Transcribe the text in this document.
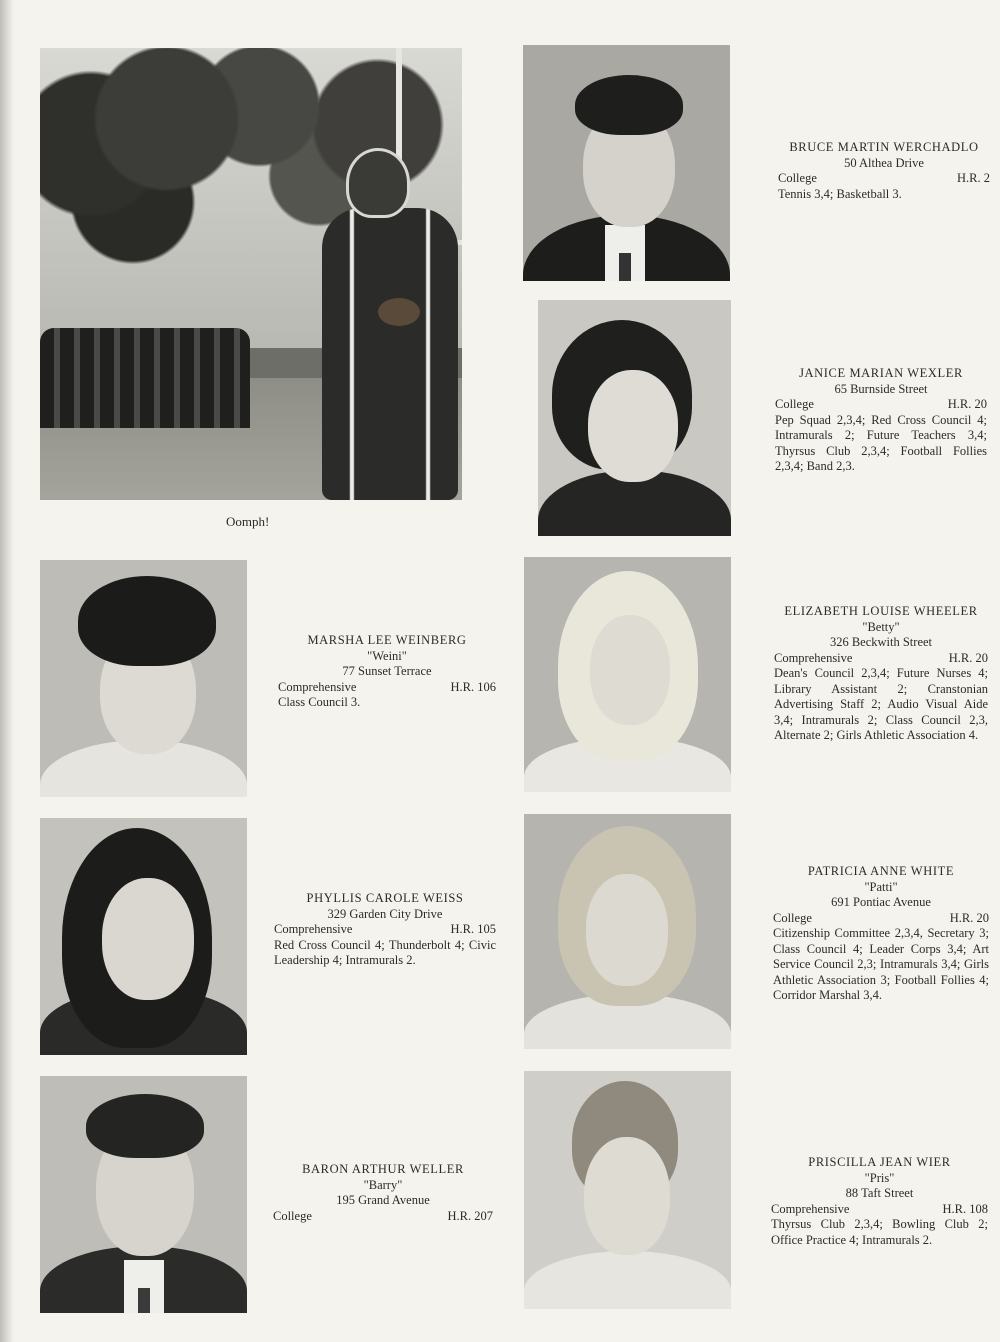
Oomph!
BRUCE MARTIN WERCHADLO
50 Althea Drive
College	H.R. 2
Tennis 3,4; Basketball 3.
JANICE MARIAN WEXLER
65 Burnside Street
College	H.R. 20
Pep Squad 2,3,4; Red Cross Council 4; Intramurals 2; Future Teachers 3,4; Thyrsus Club 2,3,4; Football Follies 2,3,4; Band 2,3.
MARSHA LEE WEINBERG
"Weini"
77 Sunset Terrace
Comprehensive	H.R. 106
Class Council 3.
ELIZABETH LOUISE WHEELER
"Betty"
326 Beckwith Street
Comprehensive	H.R. 20
Dean's Council 2,3,4; Future Nurses 4; Library Assistant 2; Cranstonian Advertising Staff 2; Audio Visual Aide 3,4; Intramurals 2; Class Council 2,3, Alternate 2; Girls Athletic Association 4.
PHYLLIS CAROLE WEISS
329 Garden City Drive
Comprehensive	H.R. 105
Red Cross Council 4; Thunderbolt 4; Civic Leadership 4; Intramurals 2.
PATRICIA ANNE WHITE
"Patti"
691 Pontiac Avenue
College	H.R. 20
Citizenship Committee 2,3,4, Secretary 3; Class Council 4; Leader Corps 3,4; Art Service Council 2,3; Intramurals 3,4; Girls Athletic Association 3; Football Follies 4; Corridor Marshal 3,4.
BARON ARTHUR WELLER
"Barry"
195 Grand Avenue
College	H.R. 207
PRISCILLA JEAN WIER
"Pris"
88 Taft Street
Comprehensive	H.R. 108
Thyrsus Club 2,3,4; Bowling Club 2; Office Practice 4; Intramurals 2.
